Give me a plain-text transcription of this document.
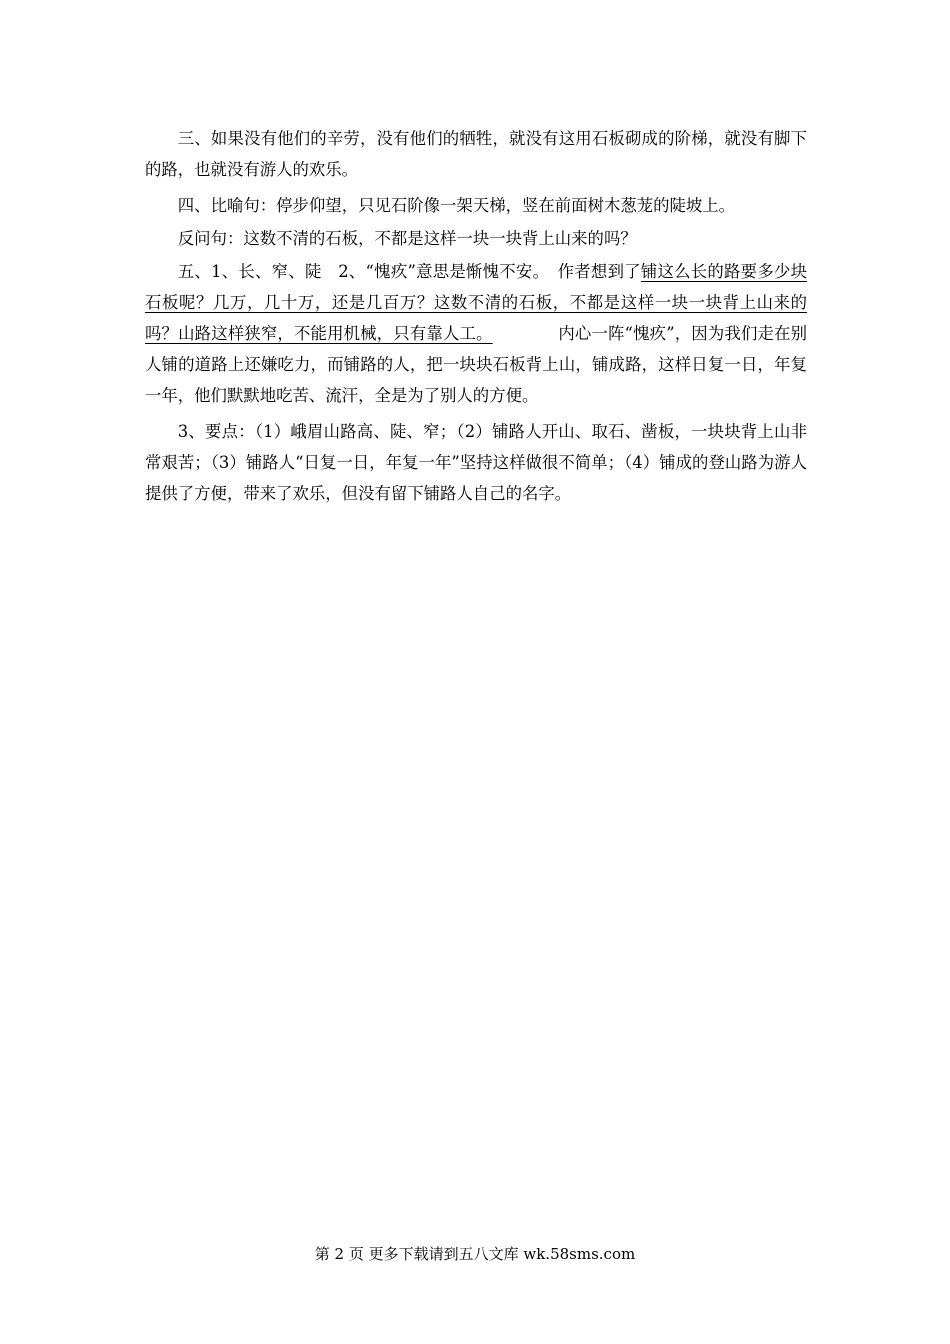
三、如果没有他们的辛劳，没有他们的牺牲，就没有这用石板砌成的阶梯，就没有脚下的路，也就没有游人的欢乐。

四、比喻句：停步仰望，只见石阶像一架天梯，竖在前面树木葱茏的陡坡上。

反问句：这数不清的石板，不都是这样一块一块背上山来的吗？

五、1、长、窄、陡　2、“愧疚”意思是惭愧不安。　作者想到了铺这么长的路要多少块石板呢？几万，几十万，还是几百万？这数不清的石板，不都是这样一块一块背上山来的吗？山路这样狭窄，不能用机械，只有靠人工。	内心一阵“愧疚”，因为我们走在别人铺的道路上还嫌吃力，而铺路的人，把一块块石板背上山，铺成路，这样日复一日，年复一年，他们默默地吃苦、流汗，全是为了别人的方便。

3、要点：（1）峨眉山路高、陡、窄；（2）铺路人开山、取石、凿板，一块块背上山非常艰苦；（3）铺路人“日复一日，年复一年”坚持这样做很不简单；（4）铺成的登山路为游人提供了方便，带来了欢乐，但没有留下铺路人自己的名字。

第 2 页 更多下载请到五八文库 wk.58sms.com
